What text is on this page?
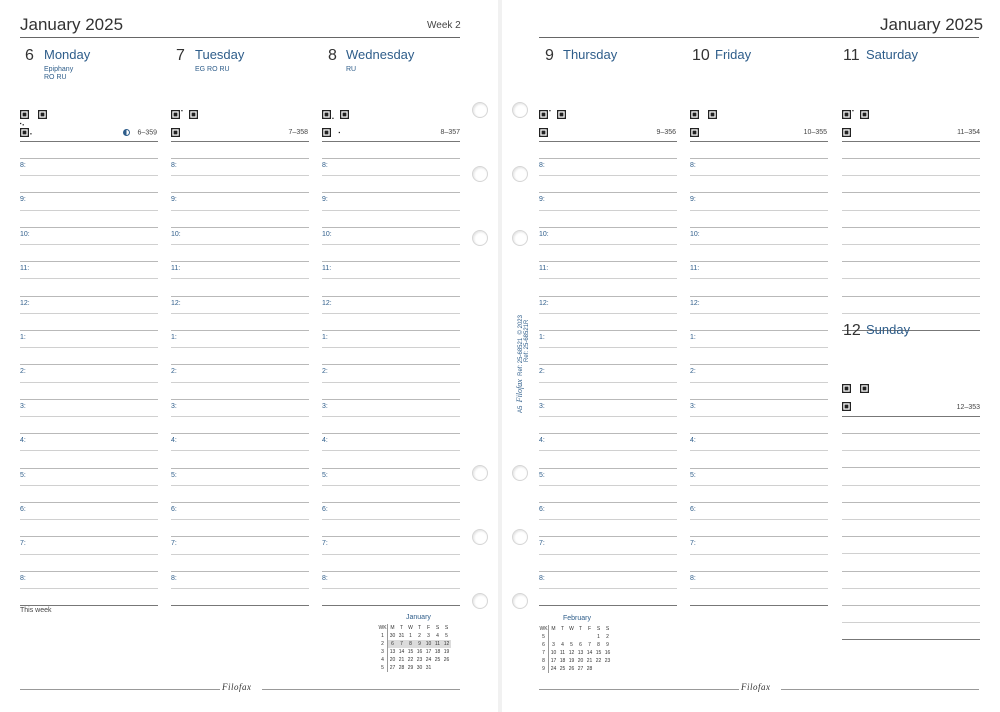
January 2025	Week 2
6 Monday
Epiphany
RO RU
7 Tuesday
EG RO RU
8 Wednesday
RU
6–359	7–358	8–357
8:
9:
10:
11:
12:
1:
2:
3:
4:
5:
6:
7:
8:
8:
9:
10:
11:
12:
1:
2:
3:
4:
5:
6:
7:
8:
8:
9:
10:
11:
12:
1:
2:
3:
4:
5:
6:
7:
8:
This week
January
WK	M	T	W	T	F	S	S
1	30	31	1	2	3	4	5
2	6	7	8	9	10	11	12
3	13	14	15	16	17	18	19
4	20	21	22	23	24	25	26
5	27	28	29	30	31		
Filofax
January 2025
9 Thursday	10 Friday	11 Saturday
9–356	10–355	11–354
8:
9:
10:
11:
12:
1:
2:
3:
4:
5:
6:
7:
8:
8:
9:
10:
11:
12:
1:
2:
3:
4:
5:
6:
7:
8:
12 Sunday
12–353
A5  Filofax  Ref: 25-68521  © 2023 Ref: 25-68521R
February
WK	M	T	W	T	F	S	S
5						1	2
6	3	4	5	6	7	8	9
7	10	11	12	13	14	15	16
8	17	18	19	20	21	22	23
9	24	25	26	27	28		
Filofax
